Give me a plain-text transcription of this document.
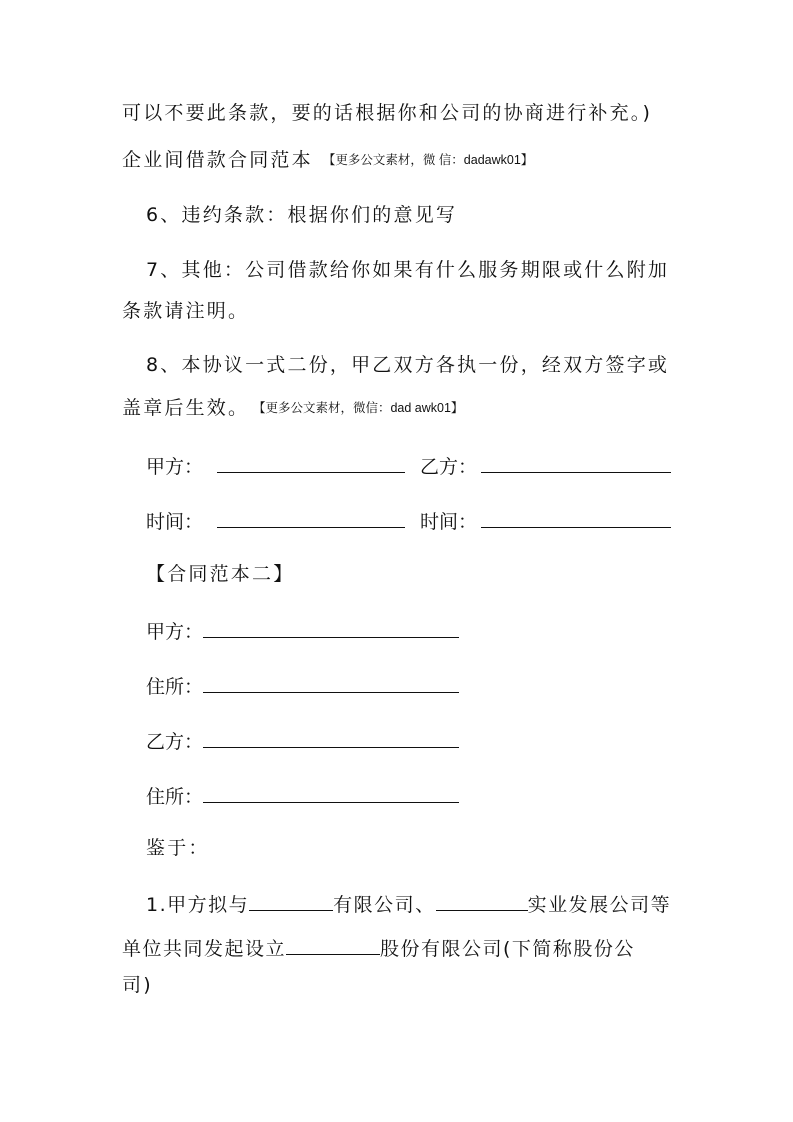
可以不要此条款，要的话根据你和公司的协商进行补充。)
企业间借款合同范本 【更多公文素材，微 信：dadawk01】
6、违约条款：根据你们的意见写
7、其他：公司借款给你如果有什么服务期限或什么附加
条款请注明。
8、本协议一式二份，甲乙双方各执一份，经双方签字或
盖章后生效。 【更多公文素材，微信：dad awk01】
甲方：	乙方：
时间：	时间：
【合同范本二】
甲方：
住所：
乙方：
住所：
鉴于：
1.甲方拟与	有限公司、	实业发展公司等
单位共同发起设立	股份有限公司(下简称股份公
司)
